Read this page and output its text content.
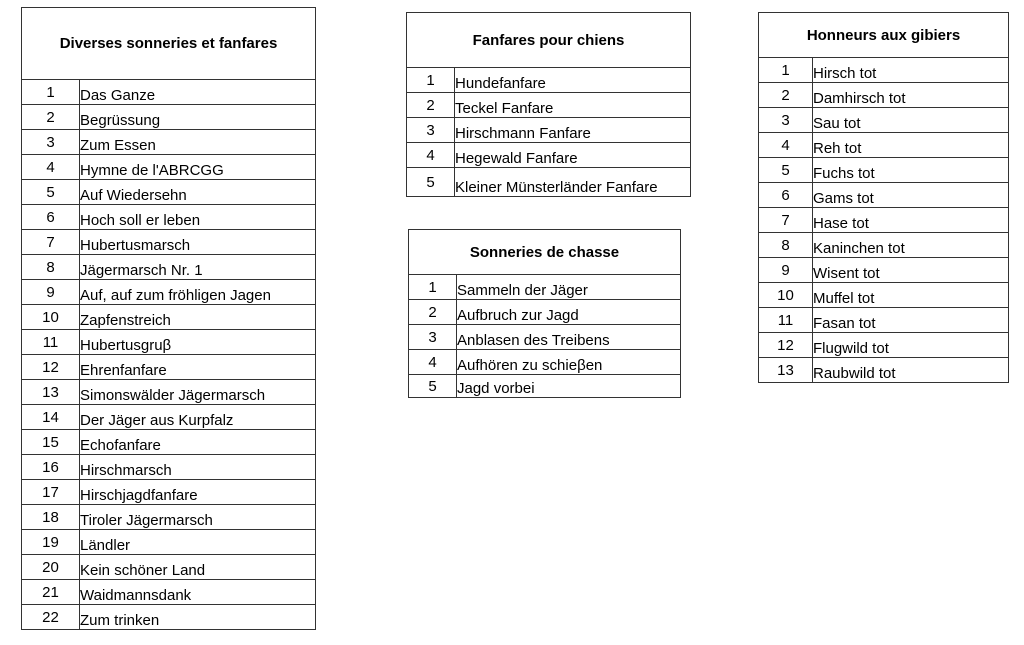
Diverses sonneries et fanfares	
1	Das Ganze
2	Begrüssung
3	Zum Essen
4	Hymne de l'ABRCGG
5	Auf Wiedersehn
6	Hoch soll er leben
7	Hubertusmarsch
8	Jägermarsch Nr. 1
9	Auf, auf zum fröhligen Jagen
10	Zapfenstreich
11	Hubertusgruβ
12	Ehrenfanfare
13	Simonswälder Jägermarsch
14	Der Jäger aus Kurpfalz
15	Echofanfare
16	Hirschmarsch
17	Hirschjagdfanfare
18	Tiroler Jägermarsch
19	Ländler
20	Kein schöner Land
21	Waidmannsdank
22	Zum trinken
Fanfares pour chiens	
1	Hundefanfare
2	Teckel Fanfare
3	Hirschmann Fanfare
4	Hegewald Fanfare
5	Kleiner Münsterländer Fanfare
Sonneries de chasse	
1	Sammeln der Jäger
2	Aufbruch zur Jagd
3	Anblasen des Treibens
4	Aufhören zu schieβen
5	Jagd vorbei
Honneurs aux gibiers	
1	Hirsch tot
2	Damhirsch tot
3	Sau tot
4	Reh tot
5	Fuchs tot
6	Gams tot
7	Hase tot
8	Kaninchen tot
9	Wisent tot
10	Muffel tot
11	Fasan tot
12	Flugwild tot
13	Raubwild tot
